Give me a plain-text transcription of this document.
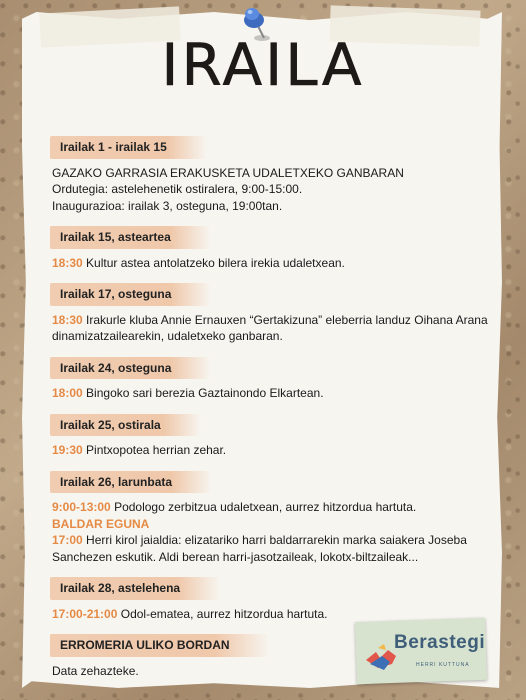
IRAILA
Irailak 1 - irailak 15
GAZAKO GARRASIA ERAKUSKETA UDALETXEKO GANBARAN
Ordutegia: astelehenetik ostiralera, 9:00-15:00.
Inaugurazioa: irailak 3, osteguna, 19:00tan.
Irailak 15, asteartea
18:30 Kultur astea antolatzeko bilera irekia udaletxean.
Irailak 17, osteguna
18:30 Irakurle kluba Annie Ernauxen “Gertakizuna” eleberria landuz Oihana Arana dinamizatzailearekin, udaletxeko ganbaran.
Irailak 24, osteguna
18:00 Bingoko sari berezia Gaztainondo Elkartean.
Irailak 25, ostirala
19:30 Pintxopotea herrian zehar.
Irailak 26, larunbata
9:00-13:00 Podologo zerbitzua udaletxean, aurrez hitzordua hartuta.
BALDAR EGUNA
17:00 Herri kirol jaialdia: elizatariko harri baldarrarekin marka saiakera Joseba Sanchezen eskutik. Aldi berean harri-jasotzaileak, lokotx-biltzaileak...
Irailak 28, astelehena
17:00-21:00 Odol-ematea, aurrez hitzordua hartuta.
ERROMERIA ULIKO BORDAN
Data zehazteke.
Berastegi
HERRI KUTTUNA
